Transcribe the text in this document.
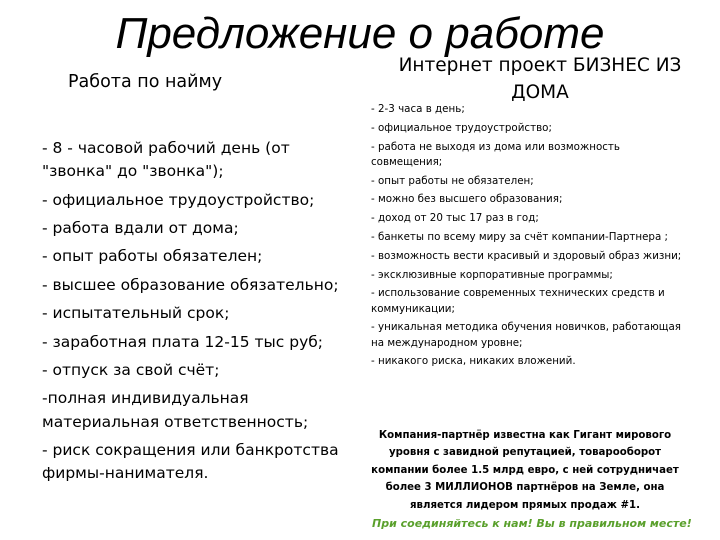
Предложение о работе
Работа по найму
- 8 - часовой рабочий день (от "звонка" до "звонка");
- официальное трудоустройство;
- работа вдали от дома;
- опыт работы обязателен;
- высшее образование обязательно;
- испытательный срок;
- заработная плата 12-15 тыс руб;
- отпуск за свой счёт;
-полная индивидуальная материальная ответственность;
- риск сокращения или банкротства фирмы-нанимателя.
Интернет проект БИЗНЕС ИЗ ДОМА
- 2-3 часа в день;
- официальное трудоустройство;
- работа не выходя из дома или возможность совмещения;
- опыт работы не обязателен;
- можно без высшего образования;
- доход от 20 тыс 17 раз в год;
- банкеты по всему миру за счёт компании-Партнера ;
- возможность вести красивый и здоровый образ жизни;
- эксклюзивные корпоративные программы;
- использование современных технических средств и коммуникации;
- уникальная методика обучения новичков, работающая на международном уровне;
- никакого риска, никаких вложений.

Компания-партнёр известна как Гигант мирового уровня с завидной репутацией, товарооборот компании более 1.5 млрд евро, с ней сотрудничает более 3 МИЛЛИОНОВ партнёров на Земле, она является лидером прямых продаж #1.

При соединяйтесь к нам! Вы в правильном месте!
